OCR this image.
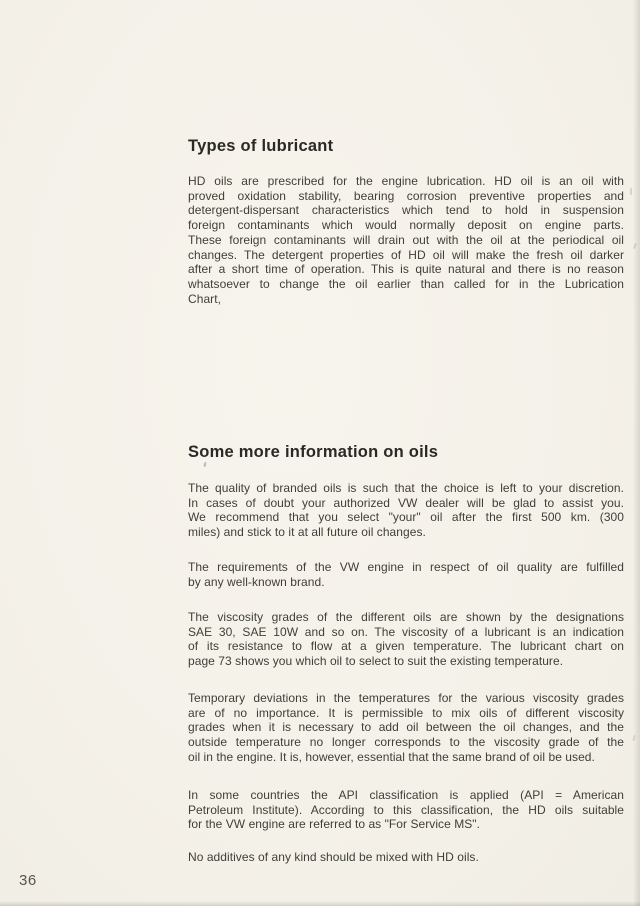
Types of lubricant
HD oils are prescribed for the engine lubrication. HD oil is an oil with
proved oxidation stability, bearing corrosion preventive properties and
detergent-dispersant characteristics which tend to hold in suspension
foreign contaminants which would normally deposit on engine parts.
These foreign contaminants will drain out with the oil at the periodical oil
changes. The detergent properties of HD oil will make the fresh oil darker
after a short time of operation. This is quite natural and there is no reason
whatsoever to change the oil earlier than called for in the Lubrication
Chart,
Some more information on oils
The quality of branded oils is such that the choice is left to your discretion.
In cases of doubt your authorized VW dealer will be glad to assist you.
We recommend that you select "your" oil after the first 500 km. (300
miles) and stick to it at all future oil changes.
The requirements of the VW engine in respect of oil quality are fulfilled
by any well-known brand.
The viscosity grades of the different oils are shown by the designations
SAE 30, SAE 10W and so on. The viscosity of a lubricant is an indication
of its resistance to flow at a given temperature. The lubricant chart on
page 73 shows you which oil to select to suit the existing temperature.
Temporary deviations in the temperatures for the various viscosity grades
are of no importance. It is permissible to mix oils of different viscosity
grades when it is necessary to add oil between the oil changes, and the
outside temperature no longer corresponds to the viscosity grade of the
oil in the engine. It is, however, essential that the same brand of oil be used.
In some countries the API classification is applied (API = American
Petroleum Institute). According to this classification, the HD oils suitable
for the VW engine are referred to as "For Service MS".
No additives of any kind should be mixed with HD oils.
36
